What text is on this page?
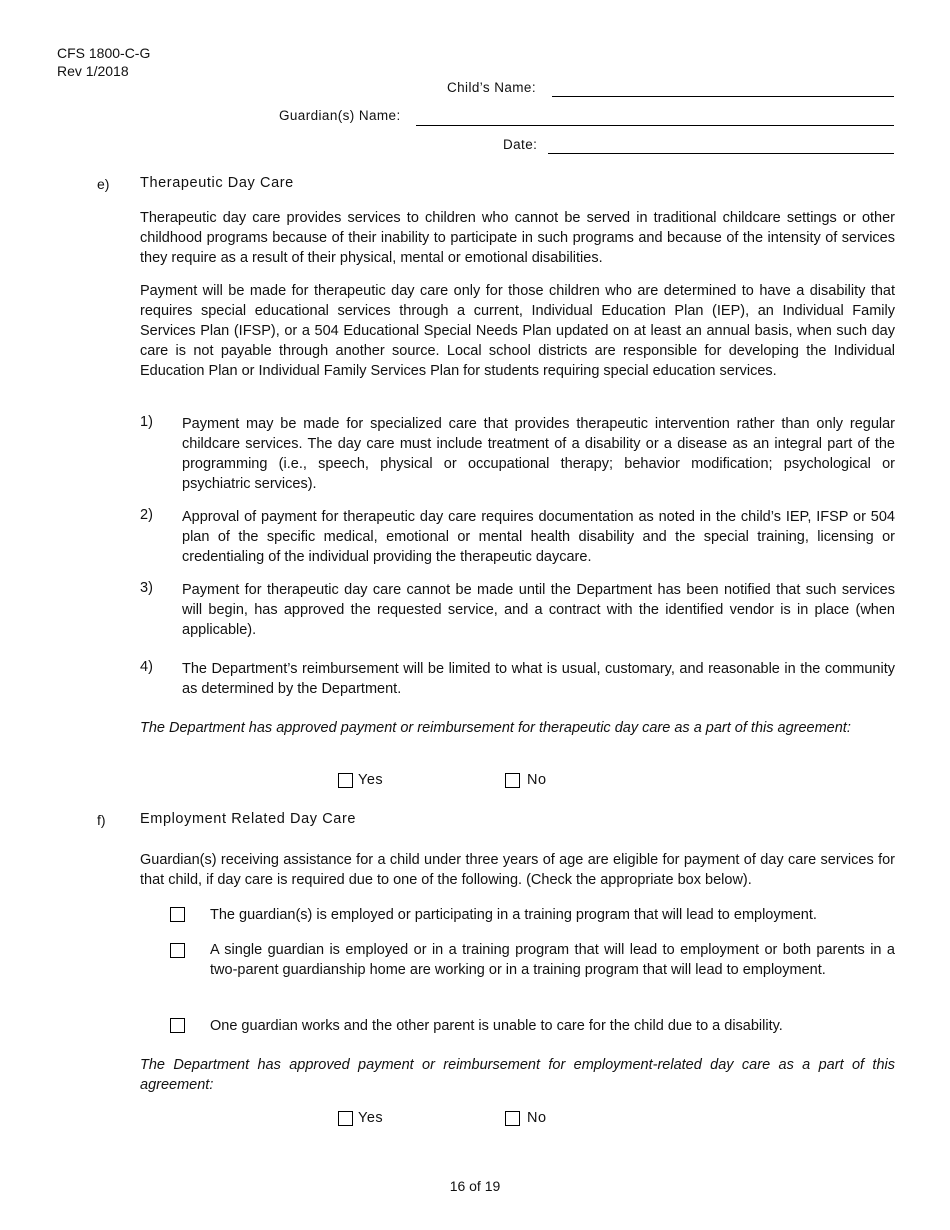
CFS 1800-C-G
Rev 1/2018
Child’s Name:
Guardian(s) Name:
Date:
e) Therapeutic Day Care
Therapeutic day care provides services to children who cannot be served in traditional childcare settings or other childhood programs because of their inability to participate in such programs and because of the intensity of services they require as a result of their physical, mental or emotional disabilities.
Payment will be made for therapeutic day care only for those children who are determined to have a disability that requires special educational services through a current, Individual Education Plan (IEP), an Individual Family Services Plan (IFSP), or a 504 Educational Special Needs Plan updated on at least an annual basis, when such day care is not payable through another source. Local school districts are responsible for developing the Individual Education Plan or Individual Family Services Plan for students requiring special education services.
1) Payment may be made for specialized care that provides therapeutic intervention rather than only regular childcare services. The day care must include treatment of a disability or a disease as an integral part of the programming (i.e., speech, physical or occupational therapy; behavior modification; psychological or psychiatric services).
2) Approval of payment for therapeutic day care requires documentation as noted in the child’s IEP, IFSP or 504 plan of the specific medical, emotional or mental health disability and the special training, licensing or credentialing of the individual providing the therapeutic daycare.
3) Payment for therapeutic day care cannot be made until the Department has been notified that such services will begin, has approved the requested service, and a contract with the identified vendor is in place (when applicable).
4) The Department’s reimbursement will be limited to what is usual, customary, and reasonable in the community as determined by the Department.
The Department has approved payment or reimbursement for therapeutic day care as a part of this agreement:
Yes	No
f) Employment Related Day Care
Guardian(s) receiving assistance for a child under three years of age are eligible for payment of day care services for that child, if day care is required due to one of the following. (Check the appropriate box below).
The guardian(s) is employed or participating in a training program that will lead to employment.
A single guardian is employed or in a training program that will lead to employment or both parents in a two-parent guardianship home are working or in a training program that will lead to employment.
One guardian works and the other parent is unable to care for the child due to a disability.
The Department has approved payment or reimbursement for employment-related day care as a part of this agreement:
Yes	No
16 of 19
